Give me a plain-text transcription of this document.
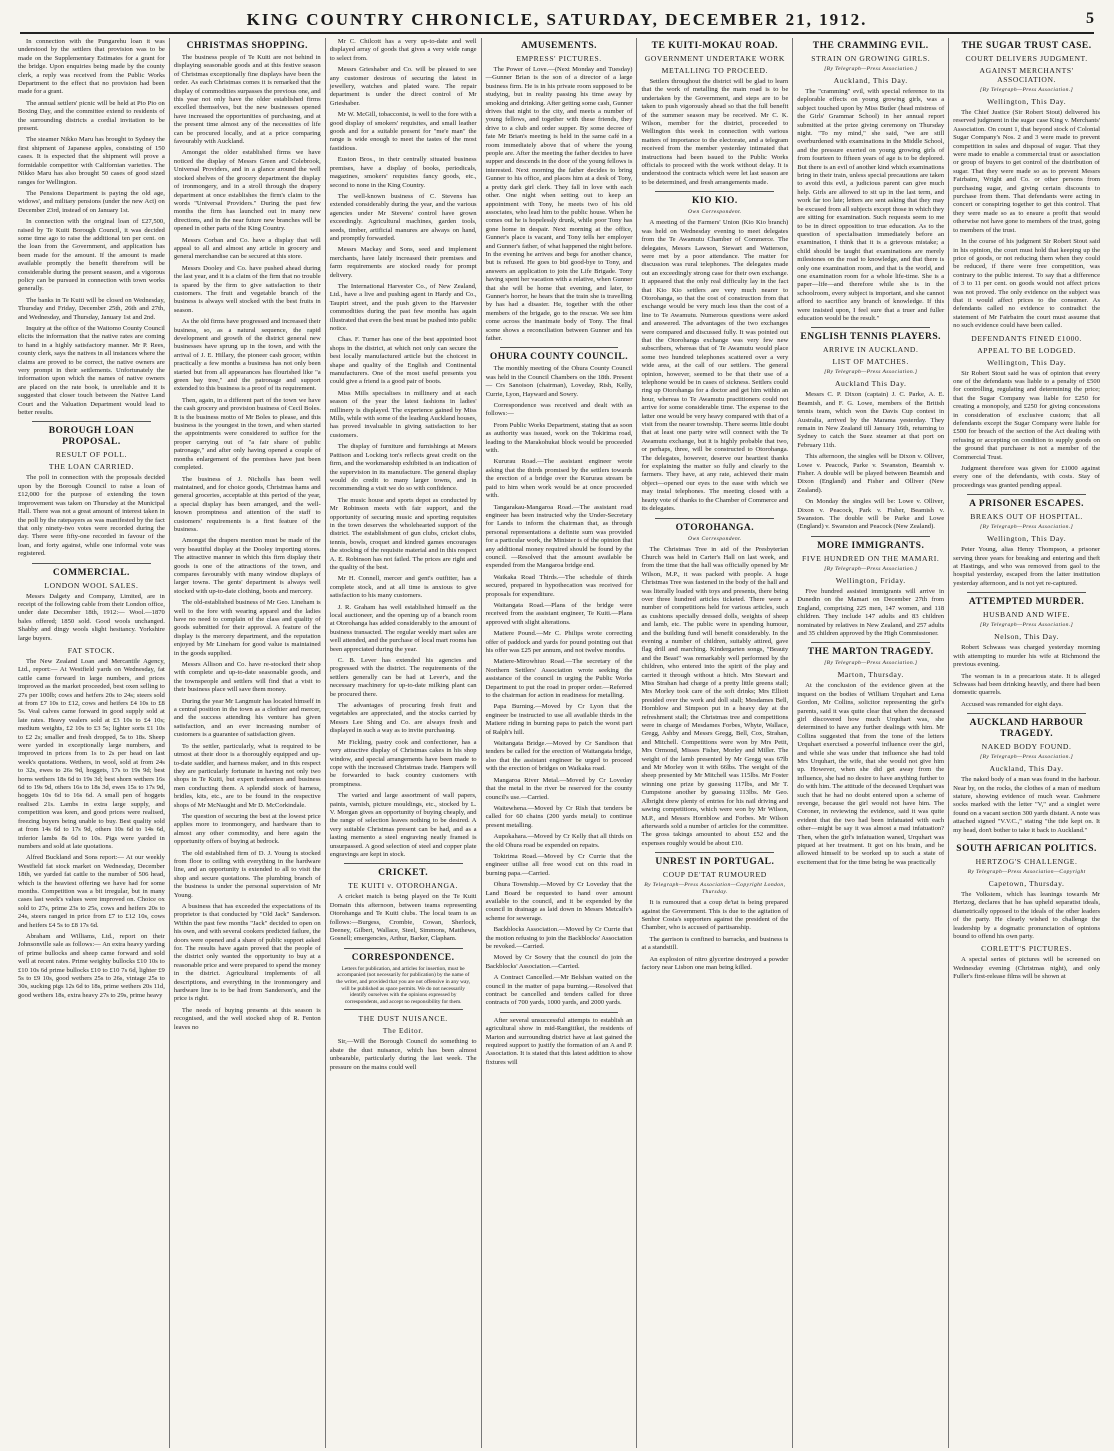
KING COUNTRY CHRONICLE, SATURDAY, DECEMBER 21, 1912.	5

In connection with the Pungarehu loan it was understood by the settlers that provision was to be made on the Supplementary Estimates for a grant for the bridge. Upon enquiries being made by the county clerk, a reply was received from the Public Works Department to the effect that no provision had been made for a grant.

The annual settlers' picnic will be held at Pio Pio on Boxing Day, and the committee extend to residents of the surrounding districts a cordial invitation to be present.

The steamer Nikko Maru has brought to Sydney the first shipment of Japanese apples, consisting of 150 cases. It is expected that the shipment will prove a formidable competitor with Californian varieties. The Nikko Maru has also brought 50 cases of good sized ranges for Wellington.

The Pensions Department is paying the old age, widows', and military pensions (under the new Act) on December 23rd, instead of on January 1st.

In connection with the original loan of £27,500, raised by Te Kuiti Borough Council, it was decided some time ago to raise the additional ten per cent. on the loan from the Government, and application has been made for the amount. If the amount is made available promptly the benefit therefrom will be considerable during the present season, and a vigorous policy can be pursued in connection with town works generally.

The banks in Te Kuiti will be closed on Wednesday, Thursday and Friday, December 25th, 26th and 27th, and Wednesday, and Thursday, January 1st and 2nd.

Inquiry at the office of the Waitomo County Council elicits the information that the native rates are coming to hand in a highly satisfactory manner. Mr P. Rees, county clerk, says the natives in all instances where the claims are proved to be correct, the native owners are very prompt in their settlements. Unfortunately the information upon which the names of native owners are placed on the rate book, is unreliable and it is suggested that closer touch between the Native Land Court and the Valuation Department would lead to better results.

BOROUGH LOAN PROPOSAL.
RESULT OF POLL.
THE LOAN CARRIED.

The poll in connection with the proposals decided upon by the Borough Council to raise a loan of £12,000 for the purpose of extending the town improvement was taken on Thursday at the Municipal Hall. There was not a great amount of interest taken in the poll by the ratepayers as was manifested by the fact that only ninety-two votes were recorded during the day. There were fifty-one recorded in favour of the loan, and forty against, while one informal vote was registered.

COMMERCIAL.
LONDON WOOL SALES.

Messrs Dalgety and Company, Limited, are in receipt of the following cable from their London office, under date December 18th, 1912:— Wool.—1870 bales offered; 1850 sold. Good wools unchanged. Shabby and dingy wools slight hesitancy. Yorkshire large buyers.

FAT STOCK.

The New Zealand Loan and Mercantile Agency, Ltd., report:— At Westfield yards on Wednesday, fat cattle came forward in large numbers, and prices improved as the market proceeded, best oxen selling to 27s per 100lb; cows and heifers 20s to 24s; steers sold at from £7 10s to £12, cows and heifers £4 10s to £8 5s. Veal calves came forward in good supply sold at late rates. Heavy vealers sold at £3 10s to £4 10s; medium weights, £2 10s to £3 5s; lighter sorts £1 10s to £2 2s; smaller and fresh dropped, 5s to 18s. Sheep were yarded in exceptionally large numbers, and improved in prices from 1s to 2s per head on last week's quotations. Wethers, in wool, sold at from 24s to 32s, ewes to 26s 9d, hoggets, 17s to 19s 9d; best horns wethers 18s 6d to 19s 3d; best shorn wethers 16s 6d to 19s 9d, others 16s to 18s 3d, ewes 15s to 17s 9d, hoggets 10s 6d to 16s 6d. A small pen of hoggets realised 21s. Lambs in extra large supply, and competition was keen, and good prices were realised, freezing buyers being unable to buy. Best quality sold at from 14s 6d to 17s 9d, others 10s 6d to 14s 6d, inferior lambs 8s 6d to 10s. Pigs were yarded in numbers and sold at late quotations.

Alfred Buckland and Sons report:— At our weekly Westfield fat stock market on Wednesday, December 18th, we yarded fat cattle to the number of 506 head, which is the heaviest offering we have had for some months. Competition was a bit irregular, but in many cases last week's values were improved on. Choice ox sold to 27s, prime 23s to 25s, cows and heifers 20s to 24s, steers ranged in price from £7 to £12 10s, cows and heifers £4 5s to £8 17s 6d.

Abraham and Williams, Ltd., report on their Johnsonville sale as follows:— An extra heavy yarding of prime bullocks and sheep came forward and sold well at recent rates. Prime weighty bullocks £10 10s to £10 10s 6d prime bullocks £10 to £10 7s 6d, lighter £9 5s to £9 10s, good wethers 25s to 26s, vintage 25s to 30s, sucking pigs 12s 6d to 18s, prime wethers 20s 11d, good wethers 18s, extra heavy 27s to 29s, prime heavy

CHRISTMAS SHOPPING.

The business people of Te Kuiti are not behind in displaying seasonable goods and at this festive season of Christmas exceptionally fine displays have been the order. As each Christmas comes it is remarked that the display of commodities surpasses the previous one, and this year not only have the older established firms excelled themselves, but the new businesses opened have increased the opportunities of purchasing, and at the present time almost any of the necessities of life can be procured locally, and at a price comparing favourably with Auckland.

Amongst the older established firms we have noticed the display of Messrs Green and Colebrook, Universal Providers, and in a glance around the well stocked shelves of the grocery department the display of ironmongery, and in a stroll through the drapery department at once establishes the firm's claim to the words "Universal Providers." During the past few months the firm has launched out in many new directions, and in the near future new branches will be opened in other parts of the King Country.

Messrs Corban and Co. have a display that will appeal to all and almost any article in grocery and general merchandise can be secured at this store.

Messrs Dooley and Co. have pushed ahead during the last year, and it is a claim of the firm that no trouble is spared by the firm to give satisfaction to their customers. The fruit and vegetable branch of the business is always well stocked with the best fruits in season.

As the old firms have progressed and increased their business, so, as a natural sequence, the rapid development and growth of the district general new businesses have sprung up in the town, and with the arrival of J. E. Hillary, the pioneer cash grocer, within practically a few months a business has not only been started but from all appearances has flourished like "a green bay tree," and the patronage and support extended to this business is a proof of its requirement.

Then, again, in a different part of the town we have the cash grocery and provision business of Cecil Boles. It is the business motto of Mr Boles to please, and this business is the youngest in the town, and when started the appointments were considered to suffice for the proper carrying out of "a fair share of public patronage," and after only having opened a couple of months enlargement of the premises have just been completed.

The business of J. Nicholls has been well maintained, and for choice goods, Christmas hams and general groceries, acceptable at this period of the year, a special display has been arranged, and the well-known promptness and attention of the staff to customers' requirements is a first feature of the business.

Amongst the drapers mention must be made of the very beautiful display at the Dooley importing stores. The attractive manner in which this firm display their goods is one of the attractions of the town, and compares favourably with many window displays of larger towns. The gents' department is always well stocked with up-to-date clothing, boots and mercery.

The old-established business of Mr Geo. Lineham is well to the fore with wearing apparel and the ladies have no need to complain of the class and quality of goods submitted for their approval. A feature of the display is the mercery department, and the reputation enjoyed by Mr Lineham for good value is maintained in the goods supplied.

Messrs Allison and Co. have re-stocked their shop with complete and up-to-date seasonable goods, and the townspeople and settlers will find that a visit to their business place will save them money.

During the year Mr Langmuir has located himself in a central position in the town as a clothier and mercer, and the success attending his venture has given satisfaction, and an ever increasing number of customers is a guarantee of satisfaction given.

To the settler, particularly, what is required to be utmost at their door is a thoroughly equipped and up-to-date saddler, and harness maker, and in this respect they are particularly fortunate in having not only two shops in Te Kuiti, but expert tradesmen and business men conducting them. A splendid stock of harness, bridles, kits, etc., are to be found in the respective shops of Mr McNaught and Mr D. McCorkindale.

The question of securing the best at the lowest price applies more to ironmongery, and hardware than to almost any other commodity, and here again the opportunity offers of buying at bedrock.

The old established firm of D. J. Young is stocked from floor to ceiling with everything in the hardware line, and an opportunity is extended to all to visit the shop and secure quotations. The plumbing branch of the business is under the personal supervision of Mr Young.

A business that has exceeded the expectations of its proprietor is that conducted by "Old Jack" Sanderson. Within the past few months "Jack" decided to open on his own, and with several cookers predicted failure, the doors were opened and a share of public support asked for. The results have again proved that the people of the district only wanted the opportunity to buy at a reasonable price and were prepared to spend the money in the district. Agricultural implements of all descriptions, and everything in the ironmongery and hardware line is to be had from Sanderson's, and the price is right.

The needs of buying presents at this season is recognised, and the well stocked shop of R. Fenton leaves no

Mr C. Chilcott has a very up-to-date and well displayed array of goods that gives a very wide range to select from.

Messrs Grieshaber and Co. will be pleased to see any customer desirous of securing the latest in jewellery, watches and plated ware. The repair department is under the direct control of Mr Grieshaber.

Mr W. McGill, tobacconist, is well to the fore with a good display of smokers' requisites, and small leather goods and for a suitable present for "me'e man" the range is wide enough to meet the tastes of the most fastidious.

Euston Bros., in their centrally situated business premises, have a display of books, periodicals, magazines, smokers' requisites fancy goods, etc., second to none in the King Country.

The well-known business of C. Stevens has extended considerably during the year, and the various agencies under Mr Stevens' control have grown exceedingly. Agricultural machines, garden tools, seeds, timber, artificial manures are always on hand, and promptly forwarded.

Messrs Mackay and Sons, seed and implement merchants, have lately increased their premises and farm requirements are stocked ready for prompt delivery.

The International Harvester Co., of New Zealand, Ltd., have a live and pushing agent in Hardy and Co., Taupiri street, and the push given to the Harvester commodities during the past few months has again illustrated that even the best must be pushed into public notice.

Chas. F. Turner has one of the best appointed boot shops in the district, at which not only can secure the best locally manufactured article but the choicest in shape and quality of the English and Continental manufacturers. One of the most useful presents you could give a friend is a good pair of boots.

Miss Mills specialises in millinery and at each season of the year the latest fashions in ladies' millinery is displayed. The experience gained by Miss Mills, while with some of the leading Auckland houses, has proved invaluable in giving satisfaction to her customers.

The display of furniture and furnishings at Messrs Pattison and Locking ton's reflects great credit on the firm, and the workmanship exhibited is an indication of the supervision in its manufacture. The general display would do credit to many larger towns, and in recommending a visit we do so with confidence.

The music house and sports depot as conducted by Mr Robinson meets with fair support, and the opportunity of securing music and sporting requisites in the town deserves the wholehearted support of the district. The establishment of gun clubs, cricket clubs, tennis, bowls, croquet and kindred games encourages the stocking of the requisite material and in this respect A. E. Robinson has not failed. The prices are right and the quality of the best.

Mr H. Connell, mercer and gent's outfitter, has a complete stock, and at all time is anxious to give satisfaction to his many customers.

J. R. Graham has well established himself as the local auctioneer, and the opening up of a branch room at Otorohanga has added considerably to the amount of business transacted. The regular weekly mart sales are well attended, and the purchase of local mart rooms has been appreciated during the year.

C. B. Lever has extended his agencies and progressed with the district. The requirements of the settlers generally can be had at Lever's, and the necessary machinery for up-to-date milking plant can be procured there.

The advantages of procuring fresh fruit and vegetables are appreciated, and the stocks carried by Messrs Lee Shing and Co. are always fresh and displayed in such a way as to invite purchasing.

Mr Fickling, pastry cook and confectioner, has a very attractive display of Christmas cakes in his shop window, and special arrangements have been made to cope with the increased Christmas trade. Hampers will be forwarded to back country customers with promptness.

The varied and large assortment of wall papers, paints, varnish, picture mouldings, etc., stocked by L. V. Morgan gives an opportunity of buying cheaply, and the range of selection leaves nothing to be desired. A very suitable Christmas present can be had, and as a lasting memento a steel engraving neatly framed is unsurpassed. A good selection of steel and copper plate engravings are kept in stock.

CRICKET.
TE KUITI v. OTOROHANGA.

A cricket match is being played on the Te Kuiti Domain this afternoon, between teams representing Otorohanga and Te Kuiti clubs. The local team is as follows:—Burgess, Crombie, Cowan, Sherlock, Deeney, Gilbert, Wallace, Steel, Simmons, Matthews, Gosnell; emergencies, Arthur, Barker, Clapham.

CORRESPONDENCE.
Letters for publication, and articles for insertion, must be accompanied (not necessarily for publication) by the name of the writer, and provided that you are not offensive in any way, will be published as space permits. We do not necessarily identify ourselves with the opinions expressed by correspondents, and accept no responsibility for them.
THE DUST NUISANCE.
The Editor.

Sir,—Will the Borough Council do something to abate the dust nuisance, which has been almost unbearable, particularly during the last week. The pressure on the mains could well

AMUSEMENTS.
EMPRESS' PICTURES.

The Power of Love.—(Next Monday and Tuesday)—Gunner Brian is the son of a director of a large business firm. He is in his private room supposed to be studying, but in reality passing his time away by smoking and drinking. After getting some cash, Gunner drives that night to the city, and meets a number of young fellows, and together with these friends, they drive to a club and order supper. By some decree of fate Mr Brian's meeting is held in the same café in a room immediately above that of where the young people are. After the meeting the father decides to have supper and descends in the door of the young fellows is interested. Next morning the father decides to bring Gunner to his office, and places him at a desk of Tony, a pretty dark girl clerk. They fall in love with each other. One night when setting out to keep an appointment with Tony, he meets two of his old associates, who lead him to the public house. When he comes out he is hopelessly drunk, while poor Tony has gone home in despair. Next morning at the office, Gunner's place is vacant, and Tony tells her employer and Gunner's father, of what happened the night before. In the evening he arrives and begs for another chance, but is refused. He goes to bid good-bye to Tony, and answers an application to join the Life Brigade. Tony having spent her vacation with a relative, when Gunner that she will be home that evening, and later, to Gunner's horror, he hears that the train she is travelling by has had a disaster. He, together with the other members of the brigade, go to the rescue. We see him come across the inanimate body of Tony. The final scene shows a reconciliation between Gunner and his father.

OHURA COUNTY COUNCIL.

The monthly meeting of the Ohura County Council was held in the Council Chambers on the 18th. Present— Crs Sanoison (chairman), Loveday, Rish, Kelly, Currie, Lyon, Hayward and Sowry.

Correspondence was received and dealt with as follows:—

From Public Works Department, stating that as soon as authority was issued, work on the Tokirima road, leading to the Marakohukai block would be proceeded with.

Kururau Road.—The assistant engineer wrote asking that the thirds promised by the settlers towards the erection of a bridge over the Kururau stream be paid to him when work would be at once proceeded with.

Tangarakau-Mangaroa Road.—The assistant road engineer has been instructed why the Under-Secretary for Lands to inform the chairman that, as through personal representations a definite sum was provided for a particular work, the Minister is of the opinion that any additional money required should be found by the council. —Resolved that the amount available be expended from the Mangaroa bridge end.

Waikaka Road Thirds.—The schedule of thirds secured, prepared in hypothecation was received for proposals for expenditure.

Waitangata Road.—Plans of the bridge were received from the assistant engineer, Te Kuiti.—Plans approved with slight alterations.

Matiere Pound.—Mr C. Philips wrote correcting offer of paddock and yards for pound pointing out that his offer was £25 per annum, and not twelve months.

Matiere-Mirowhiuo Road.—The secretary of the Northern Settlers' Association wrote seeking the assistance of the council in urging the Public Works Department to put the road in proper order.—Referred to the chairman for action in readiness for metalling.

Papa Burning.—Moved by Cr Lyon that the engineer be instructed to use all available thirds in the Matiere riding in burning papa to patch the worst part of Ralph's hill.

Waitangata Bridge.—Moved by Cr Sandison that tenders be called for the erection of Waitangata bridge, also that the assistant engineer be urged to proceed with the erection of bridges on Waikaka road.

Mangaroa River Metal.—Moved by Cr Loveday that the metal in the river be reserved for the county council's use.—Carried.

Waitewhena.—Moved by Cr Rish that tenders be called for 60 chains (200 yards metal) to continue present metalling.

Aupokahara.—Moved by Cr Kelly that all thirds on the old Ohura road be expended on repairs.

Tokirima Road.—Moved by Cr Currie that the engineer utilise all free wood cut on this road in burning papa.—Carried.

Ohura Township.—Moved by Cr Loveday that the Land Board be requested to hand over amount available to the council, and it be expended by the council in drainage as laid down in Messrs Metcalfe's scheme for sewerage.

Backblocks Association.—Moved by Cr Currie that the motion refusing to join the Backblocks' Association be revoked.—Carried.

Moved by Cr Sowry that the council do join the Backblocks' Association.—Carried.

A Contract Cancelled.—Mr Belshan waited on the council in the matter of papa burning.—Resolved that contract be cancelled and tenders called for three contracts of 700 yards, 1000 yards, and 2000 yards.

After several unsuccessful attempts to establish an agricultural show in mid-Rangitikei, the residents of Marton and surrounding district have at last gained the required support to justify the formation of an A and P. Association. It is stated that this latest addition to show fixtures will

TE KUITI-MOKAU ROAD.
GOVERNMENT UNDERTAKE WORK
METALLING TO PROCEED.

Settlers throughout the district will be glad to learn that the work of metalling the main road is to be undertaken by the Government, and steps are to be taken to push vigorously ahead so that the full benefit of the summer season may be received. Mr C. K. Wilson, member for the district, proceeded to Wellington this week in connection with various matters of importance to the electorate, and a telegram received from the member yesterday intimated that instructions had been issued to the Public Works officials to proceed with the work without delay. It is understood the contracts which were let last season are to be determined, and fresh arrangements made.

KIO KIO.
Own Correspondent.

A meeting of the Farmers' Union (Kio Kio branch) was held on Wednesday evening to meet delegates from the Te Awamutu Chamber of Commerce. The delegates, Messrs Lawson, Stewart and Watterson, were met by a poor attendance. The matter for discussion was rural telephones. The delegates made out an exceedingly strong case for their own exchange. It appeared that the only real difficulty lay in the fact that Kio Kio settlers are very much nearer to Otorohanga, so that the cost of construction from that exchange would be very much less than the cost of a line to Te Awamutu. Numerous questions were asked and answered. The advantages of the two exchanges were compared and discussed fully. It was pointed out that the Otorohanga exchange was very few new subscribers, whereas that of Te Awamutu would place some two hundred telephones scattered over a very wide area, at the call of our settlers. The general opinion, however, seemed to be that their use of a telephone would be in cases of sickness. Settlers could ring up Otorohanga for a doctor and get him within an hour, whereas to Te Awamutu practitioners could not arrive for some considerable time. The expense to the latter one would be very heavy compared with that of a visit from the nearer township. There seems little doubt that at least one party wire will connect with the Te Awamutu exchange, but it is highly probable that two, or perhaps, three, will be constructed to Otorohanga. The delegates, however, deserve our heartiest thanks for explaining the matter so fully and clearly to the farmers. They have, at any rate, achieved their main object—opened our eyes to the ease with which we may instal telephones. The meeting closed with a hearty vote of thanks to the Chamber of Commerce and its delegates.

OTOROHANGA.
Own Correspondent.

The Christmas Tree in aid of the Presbyterian Church was held in Carter's Hall on last week, and from the time that the hall was officially opened by Mr Wilson, M.P., it was packed with people. A huge Christmas Tree was fastened in the body of the hall and was literally loaded with toys and presents, there being over three hundred articles ticketed. There were a number of competitions held for various articles, such as cushions specially dressed dolls, weights of sheep and lamb, etc. The public were in spending humour, and the building fund will benefit considerably. In the evening a number of children, suitably attired, gave flag drill and marching. Kindergarten songs, "Beauty and the Beast" was remarkably well performed by the children, who entered into the spirit of the play and carried it through without a hitch. Mrs Stewart and Miss Strahan had charge of a pretty little greens stall; Mrs Morley took care of the soft drinks; Mrs Elliott presided over the work and doll stall; Mesdames Bell, Hornblow and Simpson put in a heavy day at the refreshment stall; the Christmas tree and competitions were in charge of Mesdames Forbes, Whyte, Wallace, Gregg, Ashby and Messrs Gregg, Bell, Cox, Strahan, and Mitchell. Competitions were won by Mrs Petit, Mrs Ormond, Misses Fisher, Morley and Miller. The weight of the lamb presented by Mr Gregg was 67lb and Mr Morley won it with 66lbs. The weight of the sheep presented by Mr Mitchell was 115lbs. Mr Foster winning one prize by guessing 117lbs, and Mr T. Cumpstone another by guessing 113lbs. Mr Geo. Albright drew plenty of entries for his nail driving and sawing competitions, which were won by Mr Wilson, M.P., and Messrs Hornblow and Forbes. Mr Wilson afterwards sold a number of articles for the committee. The gross takings amounted to about £52 and the expenses roughly would be about £10.

UNREST IN PORTUGAL.
COUP DE'TAT RUMOURED
By Telegraph—Press Association—Copyright London, Thursday.

It is rumoured that a coup de'tat is being prepared against the Government. This is due to the agitation of Senhor Costa's supporters against the president of the Chamber, who is accused of partisanship.

The garrison is confined to barracks, and business is at a standstill.

An explosion of nitro glycerine destroyed a powder factory near Lisbon one man being killed.

THE CRAMMING EVIL.
STRAIN ON GROWING GIRLS.
[By Telegraph—Press Association.]
Auckland, This Day.

The "cramming" evil, with special reference to its deplorable effects on young growing girls, was a subject touched upon by Miss Butler (head mistress of the Girls' Grammar School) in her annual report submitted at the prize giving ceremony on Thursday night. "To my mind," she said, "we are still overburdened with examinations in the Middle School, and the pressure exerted on young growing girls of from fourteen to fifteen years of age is to be deplored. But there is an evil of another kind which examinations bring in their train, unless special precautions are taken to avoid this evil, a judicious parent can give much help. Girls are allowed to sit up in the last term, and work far too late; letters are sent asking that they may be excused from all subjects except those in which they are sitting for examination. Such requests seem to me to be in direct opposition to true education. As to the question of specialisation immediately before an examination, I think that it is a grievous mistake; a child should be taught that examinations are merely milestones on the road to knowledge, and that there is only one examination room, and that is the world, and one examination room for a whole life-time. She is a paper—life—and therefore while she is in the schoolroom, every subject is important, and she cannot afford to sacrifice any branch of knowledge. If this were insisted upon, I feel sure that a truer and fuller education would be the result."

ENGLISH TENNIS PLAYERS.
ARRIVE IN AUCKLAND.
LIST OF MATCHES.
[By Telegraph—Press Association.]
Auckland This Day.

Messrs C. P. Dixon (captain) J. C. Parke, A. E. Beamish, and F. G. Lowe, members of the British tennis team, which won the Davis Cup contest in Australia, arrived by the Marama yesterday. They remain in New Zealand till January 16th, returning to Sydney to catch the Suez steamer at that port on February 11th.

This afternoon, the singles will be Dixon v. Olliver, Lowe v. Peacock, Parke v. Swanston, Beamish v. Fisher. A double will be played between Beamish and Dixon (England) and Fisher and Olliver (New Zealand).

On Monday the singles will be: Lowe v. Olliver, Dixon v. Peacock, Park v. Fisher, Beamish v. Swanston. The double will be Parke and Lowe (England) v. Swanston and Peacock (New Zealand).

MORE IMMIGRANTS.
FIVE HUNDRED ON THE MAMARI.
[By Telegraph—Press Association.]
Wellington, Friday.

Five hundred assisted immigrants will arrive in Dunedin on the Mamari on December 27th from England, comprising 225 men, 147 women, and 118 children. They include 147 adults and 83 children nominated by relatives in New Zealand, and 257 adults and 35 children approved by the High Commissioner.

THE MARTON TRAGEDY.
[By Telegraph—Press Association.]
Marton, Thursday.

At the conclusion of the evidence given at the inquest on the bodies of William Urquhart and Lena Gordon, Mr Collins, solicitor representing the girl's parents, said it was quite clear that when the deceased girl discovered how much Urquhart was, she determined to have any further dealings with him. Mr Collins suggested that from the tone of the letters Urquhart exercised a powerful influence over the girl, and while she was under that influence she had told Mrs Urquhart, the wife, that she would not give him up. However, when she did get away from the influence, she had no desire to have anything further to do with him. The attitude of the deceased Urquhart was such that he had no doubt entered upon a scheme of revenge, because the girl would not have him. The Coroner, in reviewing the evidence, said it was quite evident that the two had been infatuated with each other—might be say it was almost a mad infatuation? Then, when the girl's infatuation waned, Urquhart was piqued at her treatment. It got on his brain, and he allowed himself to be worked up to such a state of excitement that for the time being he was practically

THE SUGAR TRUST CASE.
COURT DELIVERS JUDGMENT.
AGAINST MERCHANTS' ASSOCIATION.
[By Telegraph—Press Association.]
Wellington, This Day.

The Chief Justice (Sir Robert Stout) delivered his reserved judgment in the sugar case King v. Merchants' Association. On count 1, that beyond stock of Colonial Sugar Company's Nos. 2 and 3 were made to prevent competition in sales and disposal of sugar. That they were made to enable a commercial trust or association or group of buyers to get control of the distribution of sugar. That they were made so as to prevent Messrs Fairbairn, Wright and Co. or other persons from purchasing sugar, and giving certain discounts to purchase from them. That defendants were acting in concert or conspiring together to get this control. That they were made so as to ensure a profit that would otherwise not have gone to members of the trust, going to members of the trust.

In the course of his judgment Sir Robert Stout said in his opinion, the court must hold that keeping up the price of goods, or not reducing them when they could be reduced, if there were free competition, was contrary to the public interest. To say that a difference of 3 to 11 per cent. on goods would not affect prices was not proved. The only evidence on the subject was that it would affect prices to the consumer. As defendants called no evidence to contradict the statement of Mr Fairbairn the court must assume that no such evidence could have been called.

DEFENDANTS FINED £1000.
APPEAL TO BE LODGED.
Wellington, This Day.

Sir Robert Stout said he was of opinion that every one of the defendants was liable to a penalty of £500 for controlling, regulating and determining the price; that the Sugar Company was liable for £250 for creating a monopoly, and £250 for giving concessions in consideration of exclusive custom; that all defendants except the Sugar Company were liable for £500 for breach of the section of the Act dealing with refusing or accepting on condition to supply goods on the ground that purchaser is not a member of the Commercial Trust.

Judgment therefore was given for £1000 against every one of the defendants, with costs. Stay of proceedings was granted pending appeal.

A PRISONER ESCAPES.
BREAKS OUT OF HOSPITAL.
[By Telegraph—Press Association.]
Wellington, This Day.

Peter Young, alias Henry Thompson, a prisoner serving three years for breaking and entering and theft at Hastings, and who was removed from gaol to the hospital yesterday, escaped from the latter institution yesterday afternoon, and is not yet re-captured.

ATTEMPTED MURDER.
HUSBAND AND WIFE.
[By Telegraph—Press Association.]
Nelson, This Day.

Robert Schwass was charged yesterday morning with attempting to murder his wife at Richmond the previous evening.

The woman is in a precarious state. It is alleged Schwass had been drinking heavily, and there had been domestic quarrels.

Accused was remanded for eight days.

AUCKLAND HARBOUR TRAGEDY.
NAKED BODY FOUND.
[By Telegraph—Press Association.]
Auckland, This Day.

The naked body of a man was found in the harbour. Near by, on the rocks, the clothes of a man of medium stature, showing evidence of much wear. Cashmere socks marked with the letter "V," and a singlet were found on a vacant section 300 yards distant. A note was attached signed "V.V.C.," stating "the tide kept on. It my head, don't bother to take it back to Auckland."

SOUTH AFRICAN POLITICS.
HERTZOG'S CHALLENGE.
By Telegraph—Press Association—Copyright
Capetown, Thursday.

The Volkstem, which has leanings towards Mr Hertzog, declares that he has upheld separatist ideals, diametrically opposed to the ideals of the other leaders of the party. He clearly wished to challenge the leadership by a dogmatic pronunciation of opinions bound to offend his own party.

CORLETT'S PICTURES.

A special series of pictures will be screened on Wednesday evening (Christmas night), and only Fuller's first-release films will be shown at
